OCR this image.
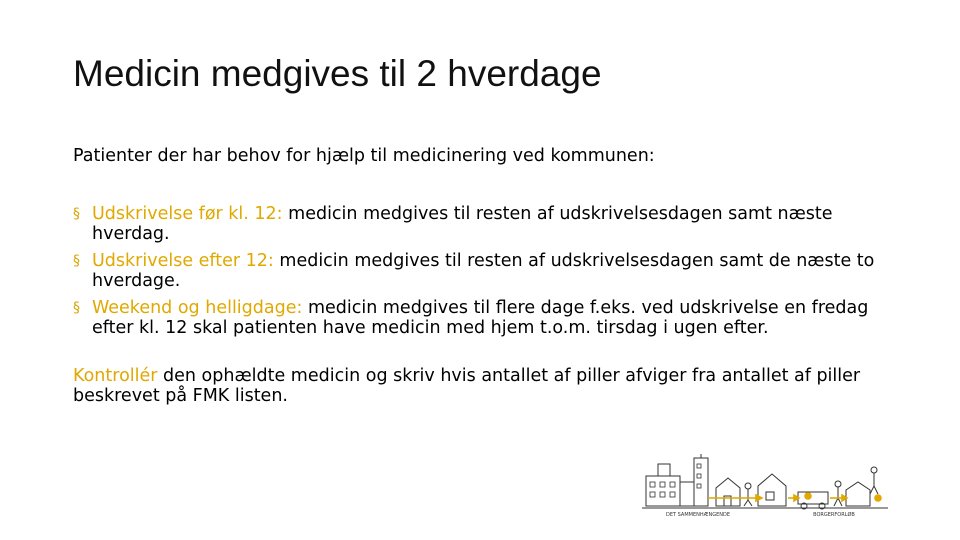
Medicin medgives til 2 hverdage

Patienter der har behov for hjælp til medicinering ved kommunen:

§ Udskrivelse før kl. 12: medicin medgives til resten af udskrivelsesdagen samt næste hverdag.
§ Udskrivelse efter 12: medicin medgives til resten af udskrivelsesdagen samt de næste to hverdage.
§ Weekend og helligdage: medicin medgives til flere dage f.eks. ved udskrivelse en fredag efter kl. 12 skal patienten have medicin med hjem t.o.m. tirsdag i ugen efter.

Kontrollér den ophældte medicin og skriv hvis antallet af piller afviger fra antallet af piller beskrevet på FMK listen.

DET SAMMENHÆNGENDE	BORGERFORLØB
